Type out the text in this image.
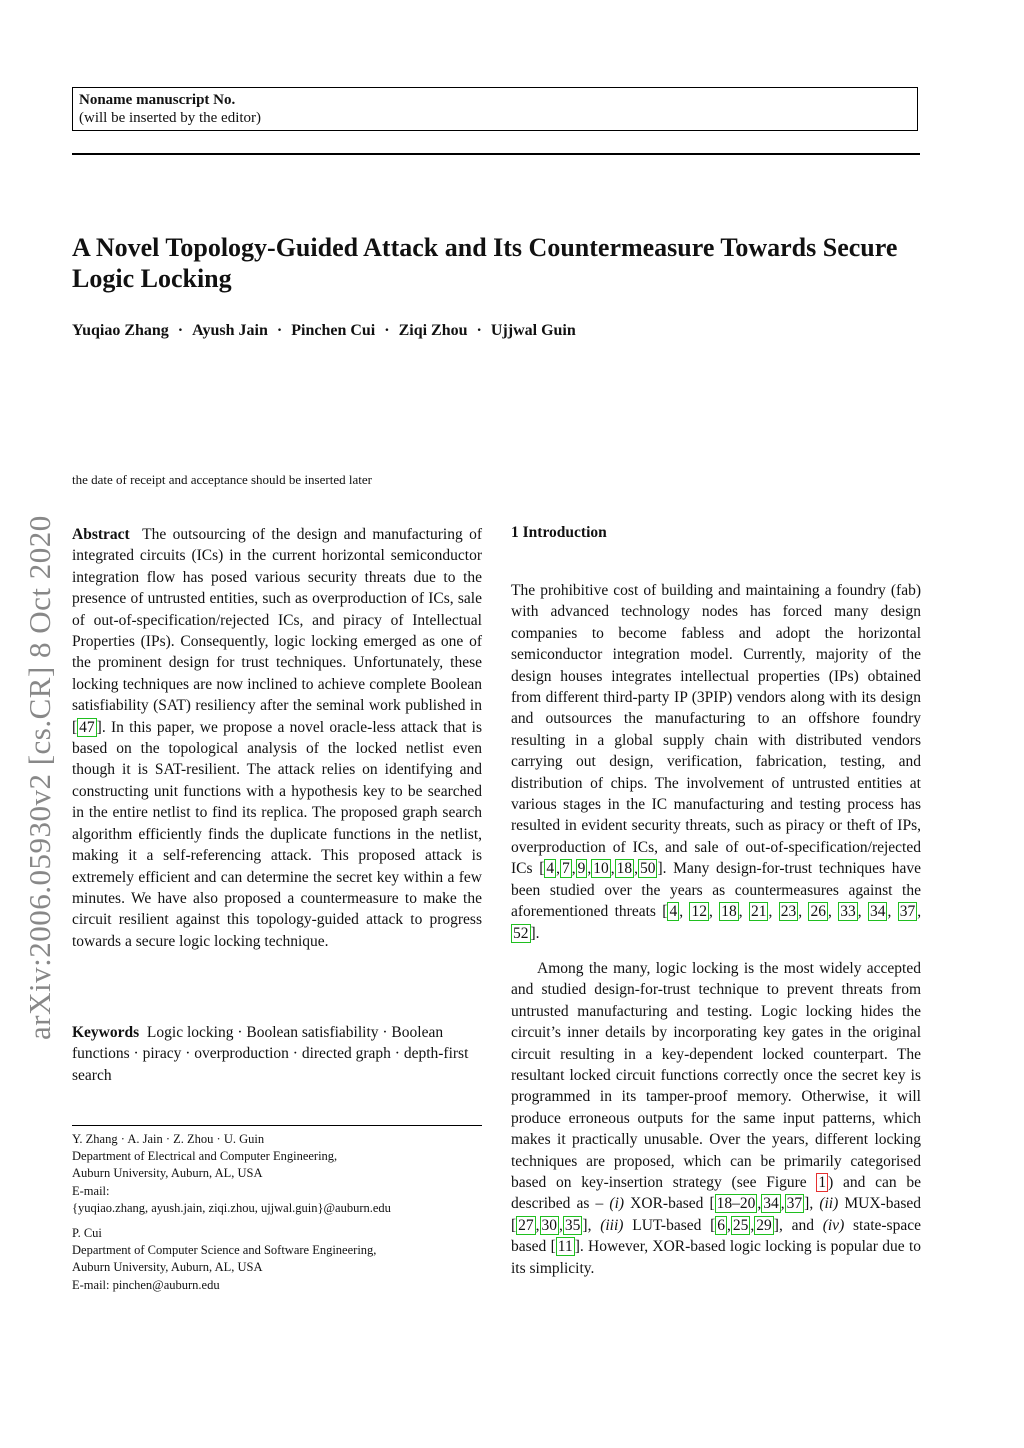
Noname manuscript No.
(will be inserted by the editor)
A Novel Topology-Guided Attack and Its Countermeasure Towards Secure Logic Locking
Yuqiao Zhang · Ayush Jain · Pinchen Cui · Ziqi Zhou · Ujjwal Guin
arXiv:2006.05930v2 [cs.CR] 8 Oct 2020
the date of receipt and acceptance should be inserted later

Abstract The outsourcing of the design and manufacturing of integrated circuits (ICs) in the current horizontal semiconductor integration flow has posed various security threats due to the presence of untrusted entities, such as overproduction of ICs, sale of out-of-specification/rejected ICs, and piracy of Intellectual Properties (IPs). Consequently, logic locking emerged as one of the prominent design for trust techniques. Unfortunately, these locking techniques are now inclined to achieve complete Boolean satisfiability (SAT) resiliency after the seminal work published in [ 47 ]. In this paper, we propose a novel oracle-less attack that is based on the topological analysis of the locked netlist even though it is SAT-resilient. The attack relies on identifying and constructing unit functions with a hypothesis key to be searched in the entire netlist to find its replica. The proposed graph search algorithm efficiently finds the duplicate functions in the netlist, making it a self-referencing attack. This proposed attack is extremely efficient and can determine the secret key within a few minutes. We have also proposed a countermeasure to make the circuit resilient against this topology-guided attack to progress towards a secure logic locking technique.

Keywords Logic locking · Boolean satisfiability · Boolean functions · piracy · overproduction · directed graph · depth-first search
Y. Zhang · A. Jain · Z. Zhou · U. Guin
Department of Electrical and Computer Engineering,
Auburn University, Auburn, AL, USA
E-mail:
{yuqiao.zhang, ayush.jain, ziqi.zhou, ujjwal.guin}@auburn.edu
P. Cui
Department of Computer Science and Software Engineering,
Auburn University, Auburn, AL, USA
E-mail: pinchen@auburn.edu
1 Introduction

The prohibitive cost of building and maintaining a foundry (fab) with advanced technology nodes has forced many design companies to become fabless and adopt the horizontal semiconductor integration model. Currently, majority of the design houses integrates intellectual properties (IPs) obtained from different third-party IP (3PIP) vendors along with its design and outsources the manufacturing to an offshore foundry resulting in a global supply chain with distributed vendors carrying out design, verification, fabrication, testing, and distribution of chips. The involvement of untrusted entities at various stages in the IC manufacturing and testing process has resulted in evident security threats, such as piracy or theft of IPs, overproduction of ICs, and sale of out-of-specification/rejected ICs [ 4 , 7 , 9 , 10 , 18 , 50 ]. Many design-for-trust techniques have been studied over the years as countermeasures against the aforementioned threats [ 4 , 12 , 18 , 21 , 23 , 26 , 33 , 34 , 37 , 52 ].

Among the many, logic locking is the most widely accepted and studied design-for-trust technique to prevent threats from untrusted manufacturing and testing. Logic locking hides the circuit’s inner details by incorporating key gates in the original circuit resulting in a key-dependent locked counterpart. The resultant locked circuit functions correctly once the secret key is programmed in its tamper-proof memory. Otherwise, it will produce erroneous outputs for the same input patterns, which makes it practically unusable. Over the years, different locking techniques are proposed, which can be primarily categorised based on key-insertion strategy (see Figure 1 ) and can be described as – (i) XOR-based [ 18–20 , 34 , 37 ], (ii) MUX-based [ 27 , 30 , 35 ], (iii) LUT-based [ 6 , 25 , 29 ], and (iv) state-space based [ 11 ]. However, XOR-based logic locking is popular due to its simplicity.
